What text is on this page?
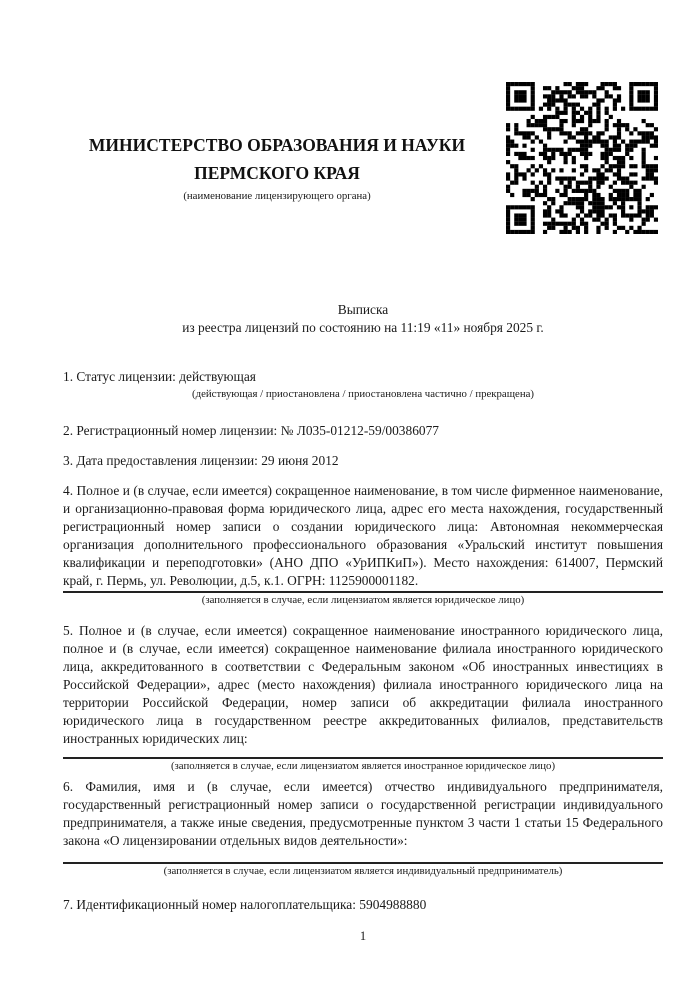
МИНИСТЕРСТВО ОБРАЗОВАНИЯ И НАУКИ
ПЕРМСКОГО КРАЯ
(наименование лицензирующего органа)
Выписка
из реестра лицензий по состоянию на 11:19 «11» ноября 2025 г.
1. Статус лицензии: действующая
(действующая / приостановлена / приостановлена частично / прекращена)
2. Регистрационный номер лицензии: № Л035-01212-59/00386077
3. Дата предоставления лицензии: 29 июня 2012
4. Полное и (в случае, если имеется) сокращенное наименование, в том числе фирменное наименование, и организационно-правовая форма юридического лица, адрес его места нахождения, государственный регистрационный номер записи о создании юридического лица: Автономная некоммерческая организация дополнительного профессионального образования «Уральский институт повышения квалификации и переподготовки» (АНО ДПО «УрИПКиП»). Место нахождения: 614007, Пермский край, г. Пермь, ул. Революции, д.5, к.1. ОГРН: 1125900001182.
(заполняется в случае, если лицензиатом является юридическое лицо)
5. Полное и (в случае, если имеется) сокращенное наименование иностранного юридического лица, полное и (в случае, если имеется) сокращенное наименование филиала иностранного юридического лица, аккредитованного в соответствии с Федеральным законом «Об иностранных инвестициях в Российской Федерации», адрес (место нахождения) филиала иностранного юридического лица на территории Российской Федерации, номер записи об аккредитации филиала иностранного юридического лица в государственном реестре аккредитованных филиалов, представительств иностранных юридических лиц:
(заполняется в случае, если лицензиатом является иностранное юридическое лицо)
6. Фамилия, имя и (в случае, если имеется) отчество индивидуального предпринимателя, государственный регистрационный номер записи о государственной регистрации индивидуального предпринимателя, а также иные сведения, предусмотренные пунктом 3 части 1 статьи 15 Федерального закона «О лицензировании отдельных видов деятельности»:
(заполняется в случае, если лицензиатом является индивидуальный предприниматель)
7. Идентификационный номер налогоплательщика: 5904988880
1
